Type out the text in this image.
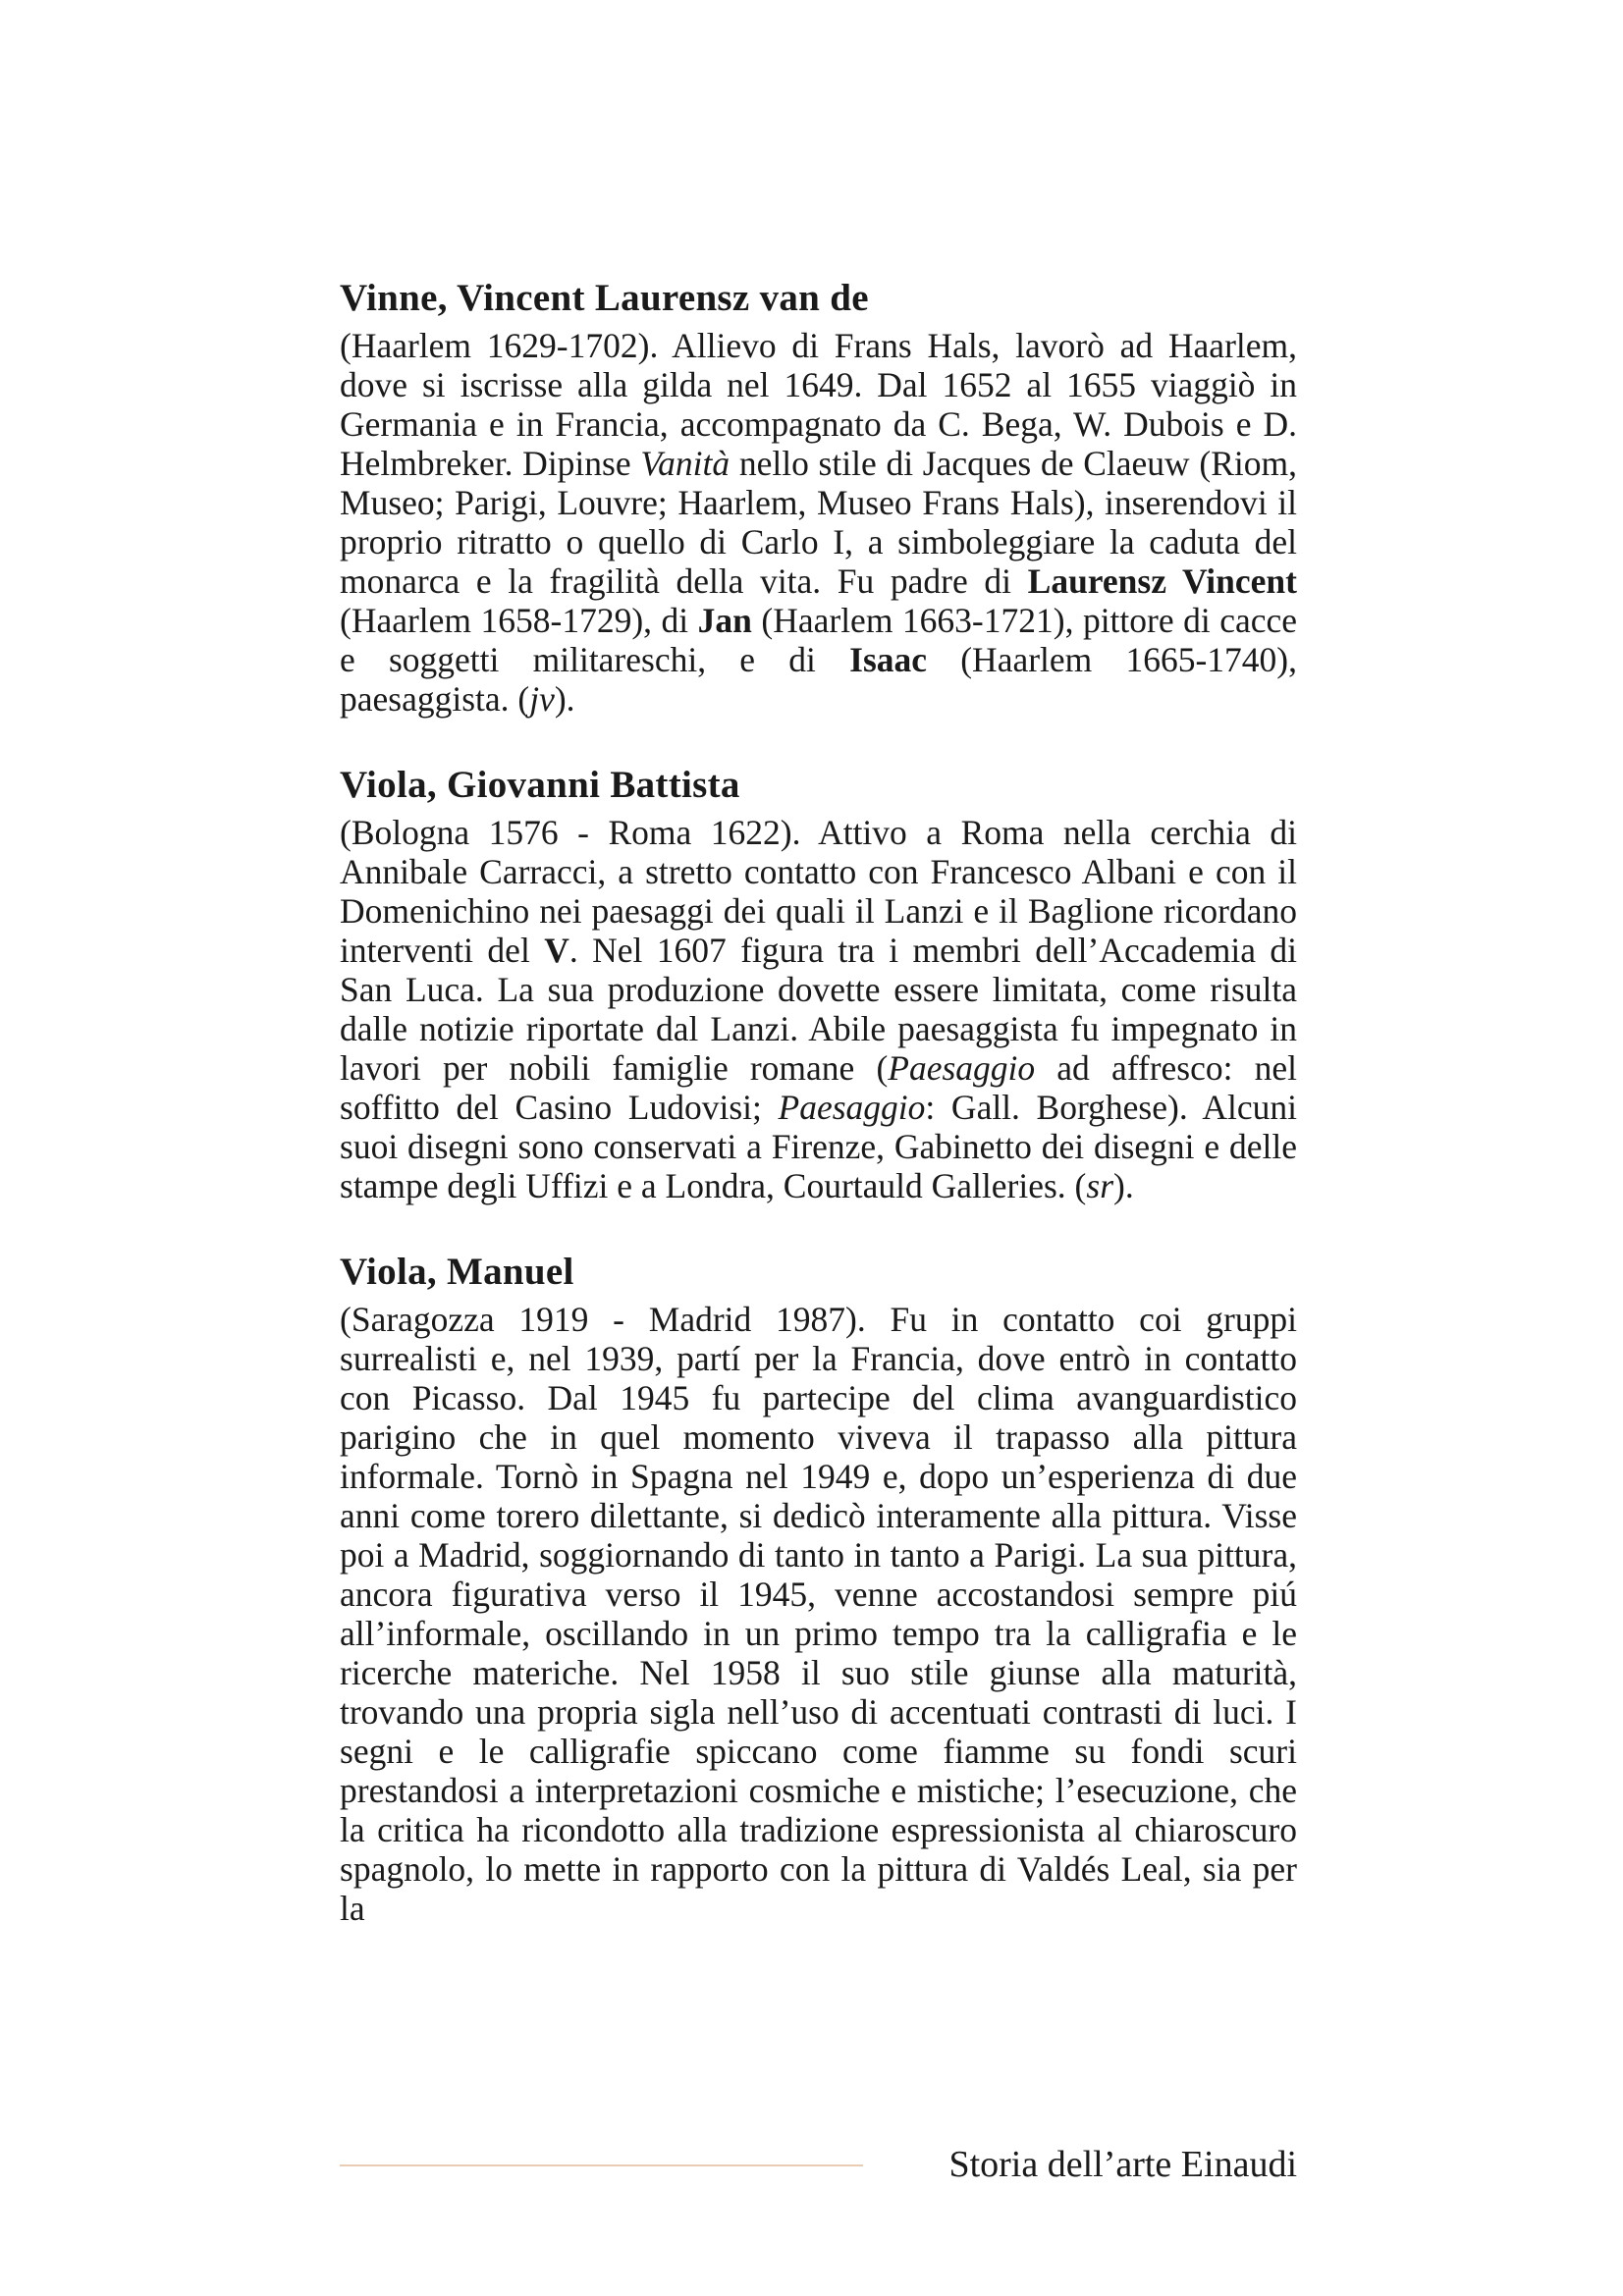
Vinne, Vincent Laurensz van de

(Haarlem 1629-1702). Allievo di Frans Hals, lavorò ad Haarlem, dove si iscrisse alla gilda nel 1649. Dal 1652 al 1655 viaggiò in Germania e in Francia, accompagnato da C. Bega, W. Dubois e D. Helmbreker. Dipinse Vanità nello stile di Jacques de Claeuw (Riom, Museo; Parigi, Louvre; Haarlem, Museo Frans Hals), inserendovi il proprio ritratto o quello di Carlo I, a simboleggiare la caduta del monarca e la fragilità della vita. Fu padre di Laurensz Vincent (Haarlem 1658-1729), di Jan (Haarlem 1663-1721), pittore di cacce e soggetti militareschi, e di Isaac (Haarlem 1665-1740), paesaggista. (jv).

Viola, Giovanni Battista

(Bologna 1576 - Roma 1622). Attivo a Roma nella cerchia di Annibale Carracci, a stretto contatto con Francesco Albani e con il Domenichino nei paesaggi dei quali il Lanzi e il Baglione ricordano interventi del V. Nel 1607 figura tra i membri dell’Accademia di San Luca. La sua produzione dovette essere limitata, come risulta dalle notizie riportate dal Lanzi. Abile paesaggista fu impegnato in lavori per nobili famiglie romane (Paesaggio ad affresco: nel soffitto del Casino Ludovisi; Paesaggio: Gall. Borghese). Alcuni suoi disegni sono conservati a Firenze, Gabinetto dei disegni e delle stampe degli Uffizi e a Londra, Courtauld Galleries. (sr).

Viola, Manuel

(Saragozza 1919 - Madrid 1987). Fu in contatto coi gruppi surrealisti e, nel 1939, partí per la Francia, dove entrò in contatto con Picasso. Dal 1945 fu partecipe del clima avanguardistico parigino che in quel momento viveva il trapasso alla pittura informale. Tornò in Spagna nel 1949 e, dopo un’esperienza di due anni come torero dilettante, si dedicò interamente alla pittura. Visse poi a Madrid, soggiornando di tanto in tanto a Parigi. La sua pittura, ancora figurativa verso il 1945, venne accostandosi sempre piú all’informale, oscillando in un primo tempo tra la calligrafia e le ricerche materiche. Nel 1958 il suo stile giunse alla maturità, trovando una propria sigla nell’uso di accentuati contrasti di luci. I segni e le calligrafie spiccano come fiamme su fondi scuri prestandosi a interpretazioni cosmiche e mistiche; l’esecuzione, che la critica ha ricondotto alla tradizione espressionista al chiaroscuro spagnolo, lo mette in rapporto con la pittura di Valdés Leal, sia per la

Storia dell’arte Einaudi
